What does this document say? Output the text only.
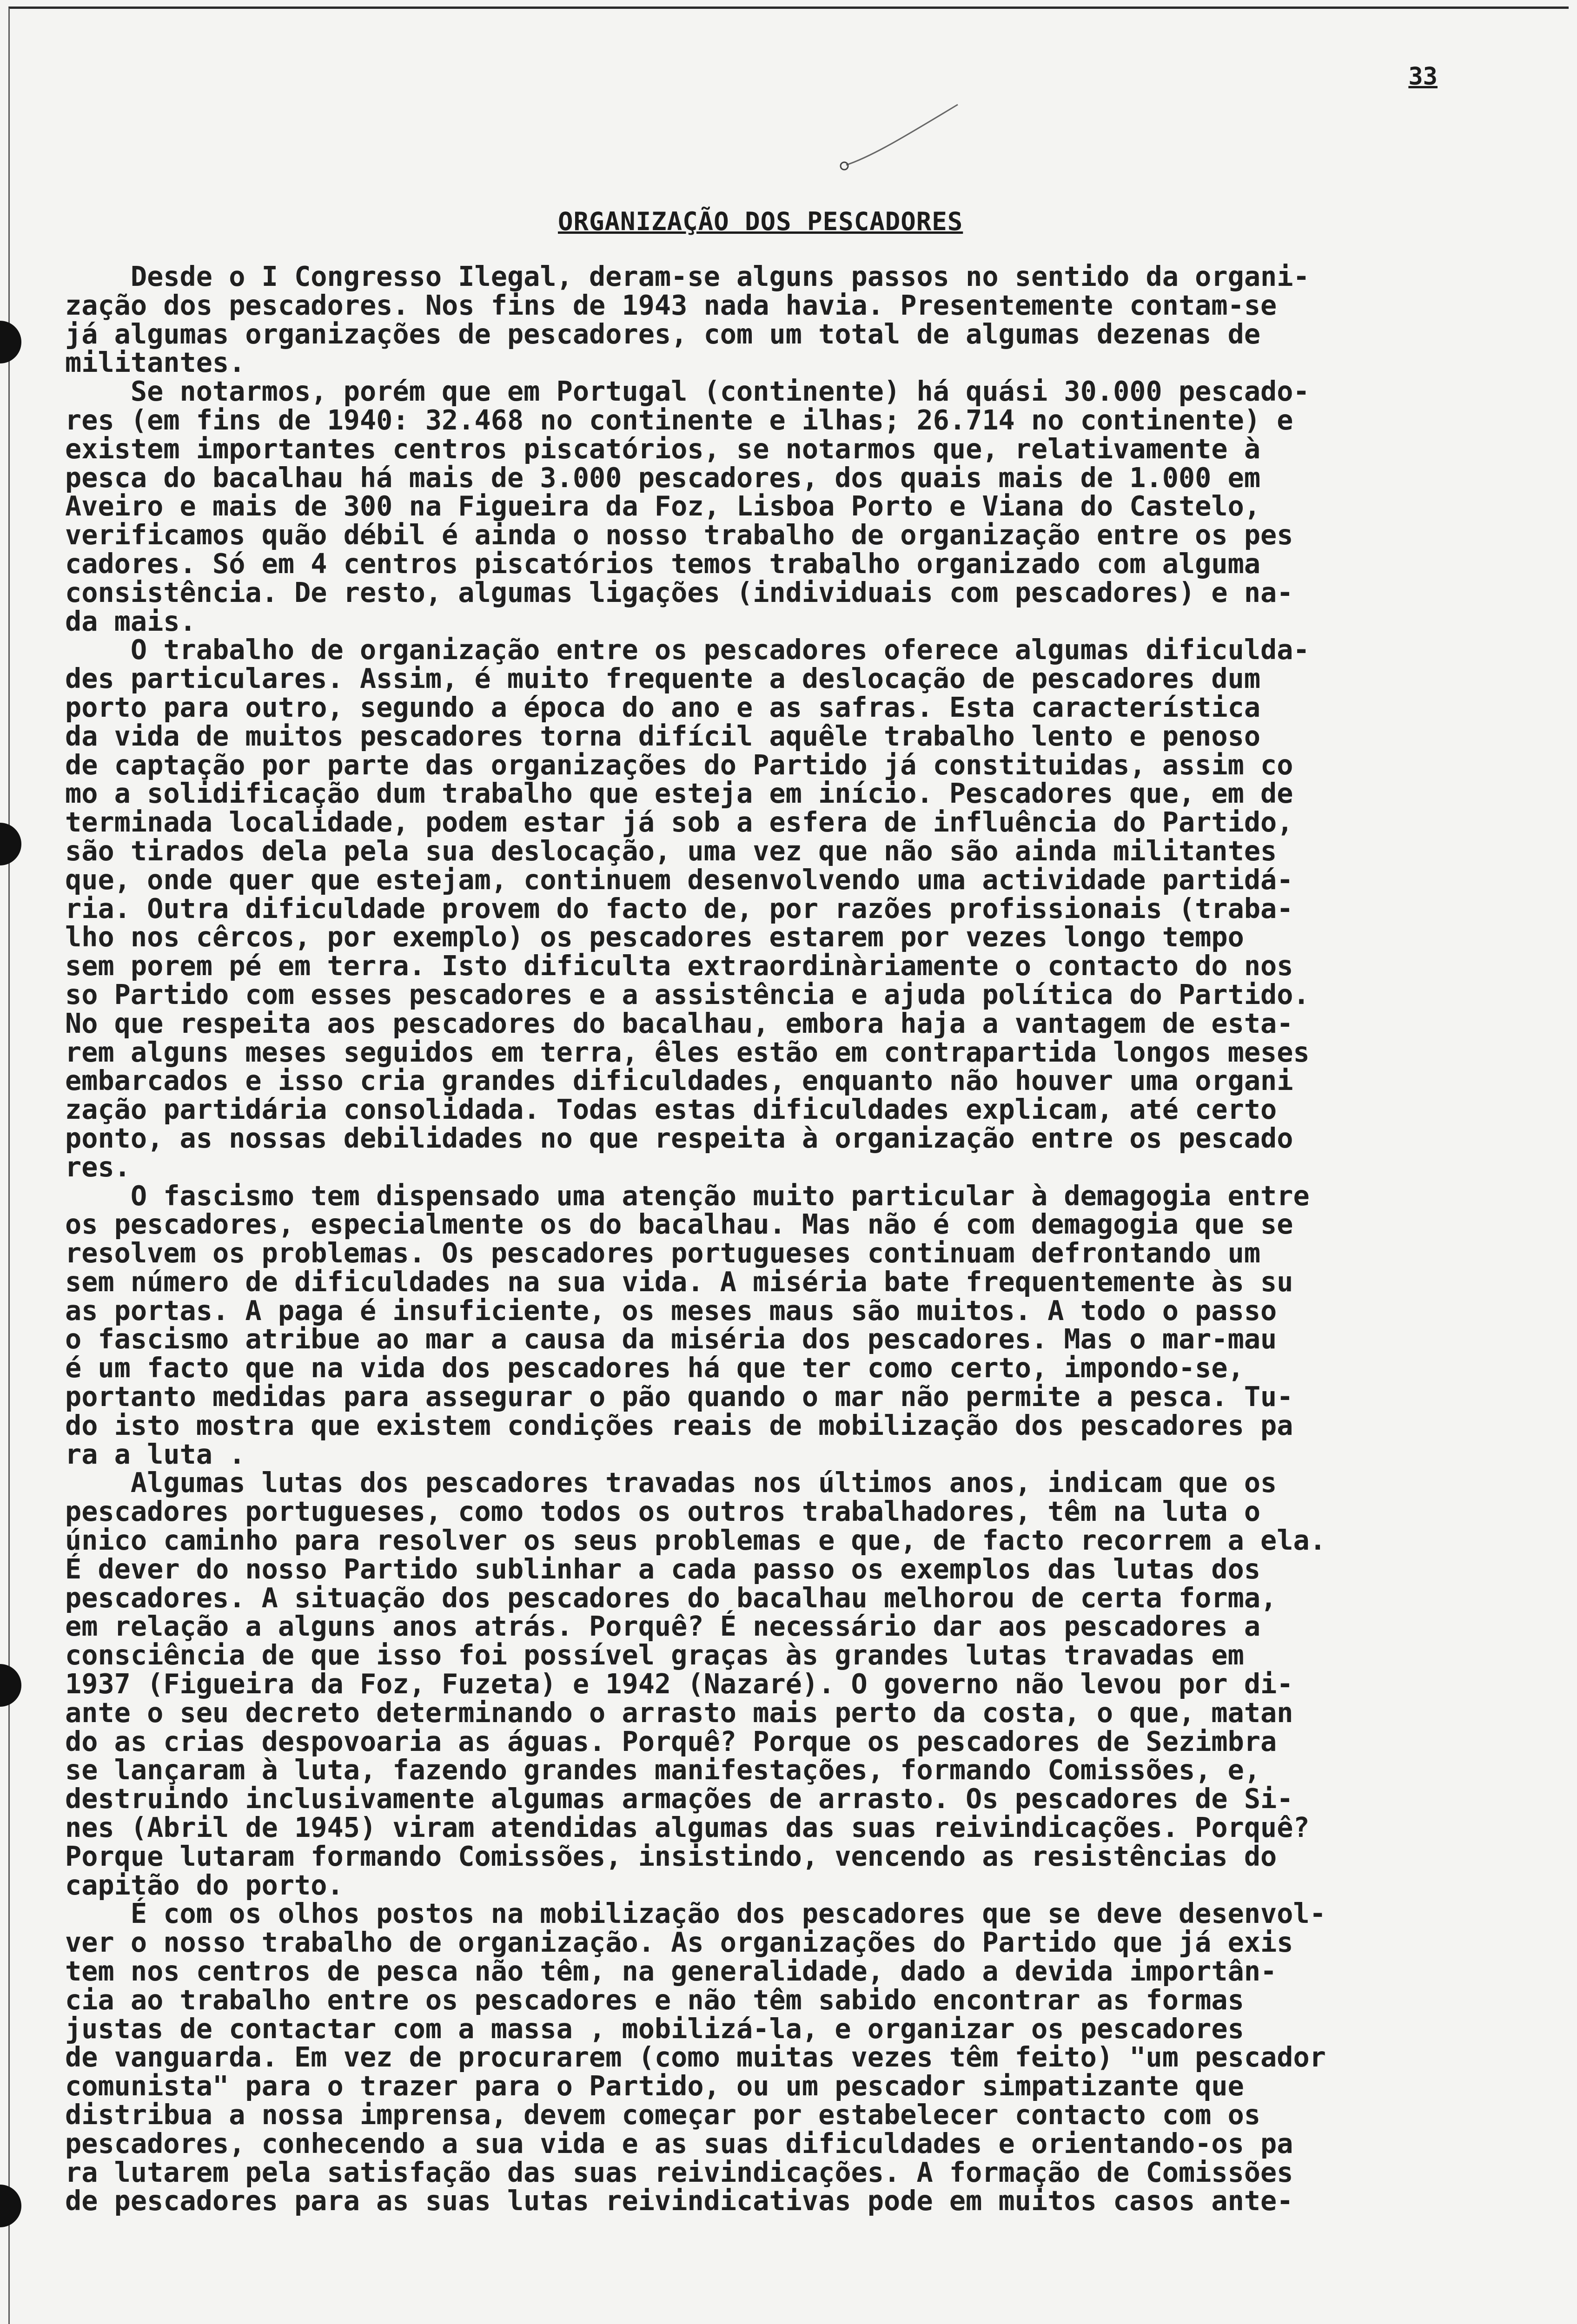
33
ORGANIZAÇÃO DOS PESCADORES
Desde o I Congresso Ilegal, deram-se alguns passos no sentido da organi-
zação dos pescadores. Nos fins de 1943 nada havia. Presentemente contam-se
já algumas organizações de pescadores, com um total de algumas dezenas de
militantes.
Se notarmos, porém que em Portugal (continente) há quási 30.000 pescado-
res (em fins de 1940: 32.468 no continente e ilhas; 26.714 no continente) e
existem importantes centros piscatórios, se notarmos que, relativamente à
pesca do bacalhau há mais de 3.000 pescadores, dos quais mais de 1.000 em
Aveiro e mais de 300 na Figueira da Foz, Lisboa Porto e Viana do Castelo,
verificamos quão débil é ainda o nosso trabalho de organização entre os pes
cadores. Só em 4 centros piscatórios temos trabalho organizado com alguma
consistência. De resto, algumas ligações (individuais com pescadores) e na-
da mais.
O trabalho de organização entre os pescadores oferece algumas dificulda-
des particulares. Assim, é muito frequente a deslocação de pescadores dum
porto para outro, segundo a época do ano e as safras. Esta característica
da vida de muitos pescadores torna difícil aquêle trabalho lento e penoso
de captação por parte das organizações do Partido já constituidas, assim co
mo a solidificação dum trabalho que esteja em início. Pescadores que, em de
terminada localidade, podem estar já sob a esfera de influência do Partido,
são tirados dela pela sua deslocação, uma vez que não são ainda militantes
que, onde quer que estejam, continuem desenvolvendo uma actividade partidá-
ria. Outra dificuldade provem do facto de, por razões profissionais (traba-
lho nos cêrcos, por exemplo) os pescadores estarem por vezes longo tempo
sem porem pé em terra. Isto dificulta extraordinàriamente o contacto do nos
so Partido com esses pescadores e a assistência e ajuda política do Partido.
No que respeita aos pescadores do bacalhau, embora haja a vantagem de esta-
rem alguns meses seguidos em terra, êles estão em contrapartida longos meses
embarcados e isso cria grandes dificuldades, enquanto não houver uma organi
zação partidária consolidada. Todas estas dificuldades explicam, até certo
ponto, as nossas debilidades no que respeita à organização entre os pescado
res.
O fascismo tem dispensado uma atenção muito particular à demagogia entre
os pescadores, especialmente os do bacalhau. Mas não é com demagogia que se
resolvem os problemas. Os pescadores portugueses continuam defrontando um
sem número de dificuldades na sua vida. A miséria bate frequentemente às su
as portas. A paga é insuficiente, os meses maus são muitos. A todo o passo
o fascismo atribue ao mar a causa da miséria dos pescadores. Mas o mar-mau
é um facto que na vida dos pescadores há que ter como certo, impondo-se,
portanto medidas para assegurar o pão quando o mar não permite a pesca. Tu-
do isto mostra que existem condições reais de mobilização dos pescadores pa
ra a luta .
Algumas lutas dos pescadores travadas nos últimos anos, indicam que os
pescadores portugueses, como todos os outros trabalhadores, têm na luta o
único caminho para resolver os seus problemas e que, de facto recorrem a ela.
É dever do nosso Partido sublinhar a cada passo os exemplos das lutas dos
pescadores. A situação dos pescadores do bacalhau melhorou de certa forma,
em relação a alguns anos atrás. Porquê? É necessário dar aos pescadores a
consciência de que isso foi possível graças às grandes lutas travadas em
1937 (Figueira da Foz, Fuzeta) e 1942 (Nazaré). O governo não levou por di-
ante o seu decreto determinando o arrasto mais perto da costa, o que, matan
do as crias despovoaria as águas. Porquê? Porque os pescadores de Sezimbra
se lançaram à luta, fazendo grandes manifestações, formando Comissões, e,
destruindo inclusivamente algumas armações de arrasto. Os pescadores de Si-
nes (Abril de 1945) viram atendidas algumas das suas reivindicações. Porquê?
Porque lutaram formando Comissões, insistindo, vencendo as resistências do
capitão do porto.
É com os olhos postos na mobilização dos pescadores que se deve desenvol-
ver o nosso trabalho de organização. As organizações do Partido que já exis
tem nos centros de pesca não têm, na generalidade, dado a devida importân-
cia ao trabalho entre os pescadores e não têm sabido encontrar as formas
justas de contactar com a massa , mobilizá-la, e organizar os pescadores
de vanguarda. Em vez de procurarem (como muitas vezes têm feito) "um pescador
comunista" para o trazer para o Partido, ou um pescador simpatizante que
distribua a nossa imprensa, devem começar por estabelecer contacto com os
pescadores, conhecendo a sua vida e as suas dificuldades e orientando-os pa
ra lutarem pela satisfação das suas reivindicações. A formação de Comissões
de pescadores para as suas lutas reivindicativas pode em muitos casos ante-
